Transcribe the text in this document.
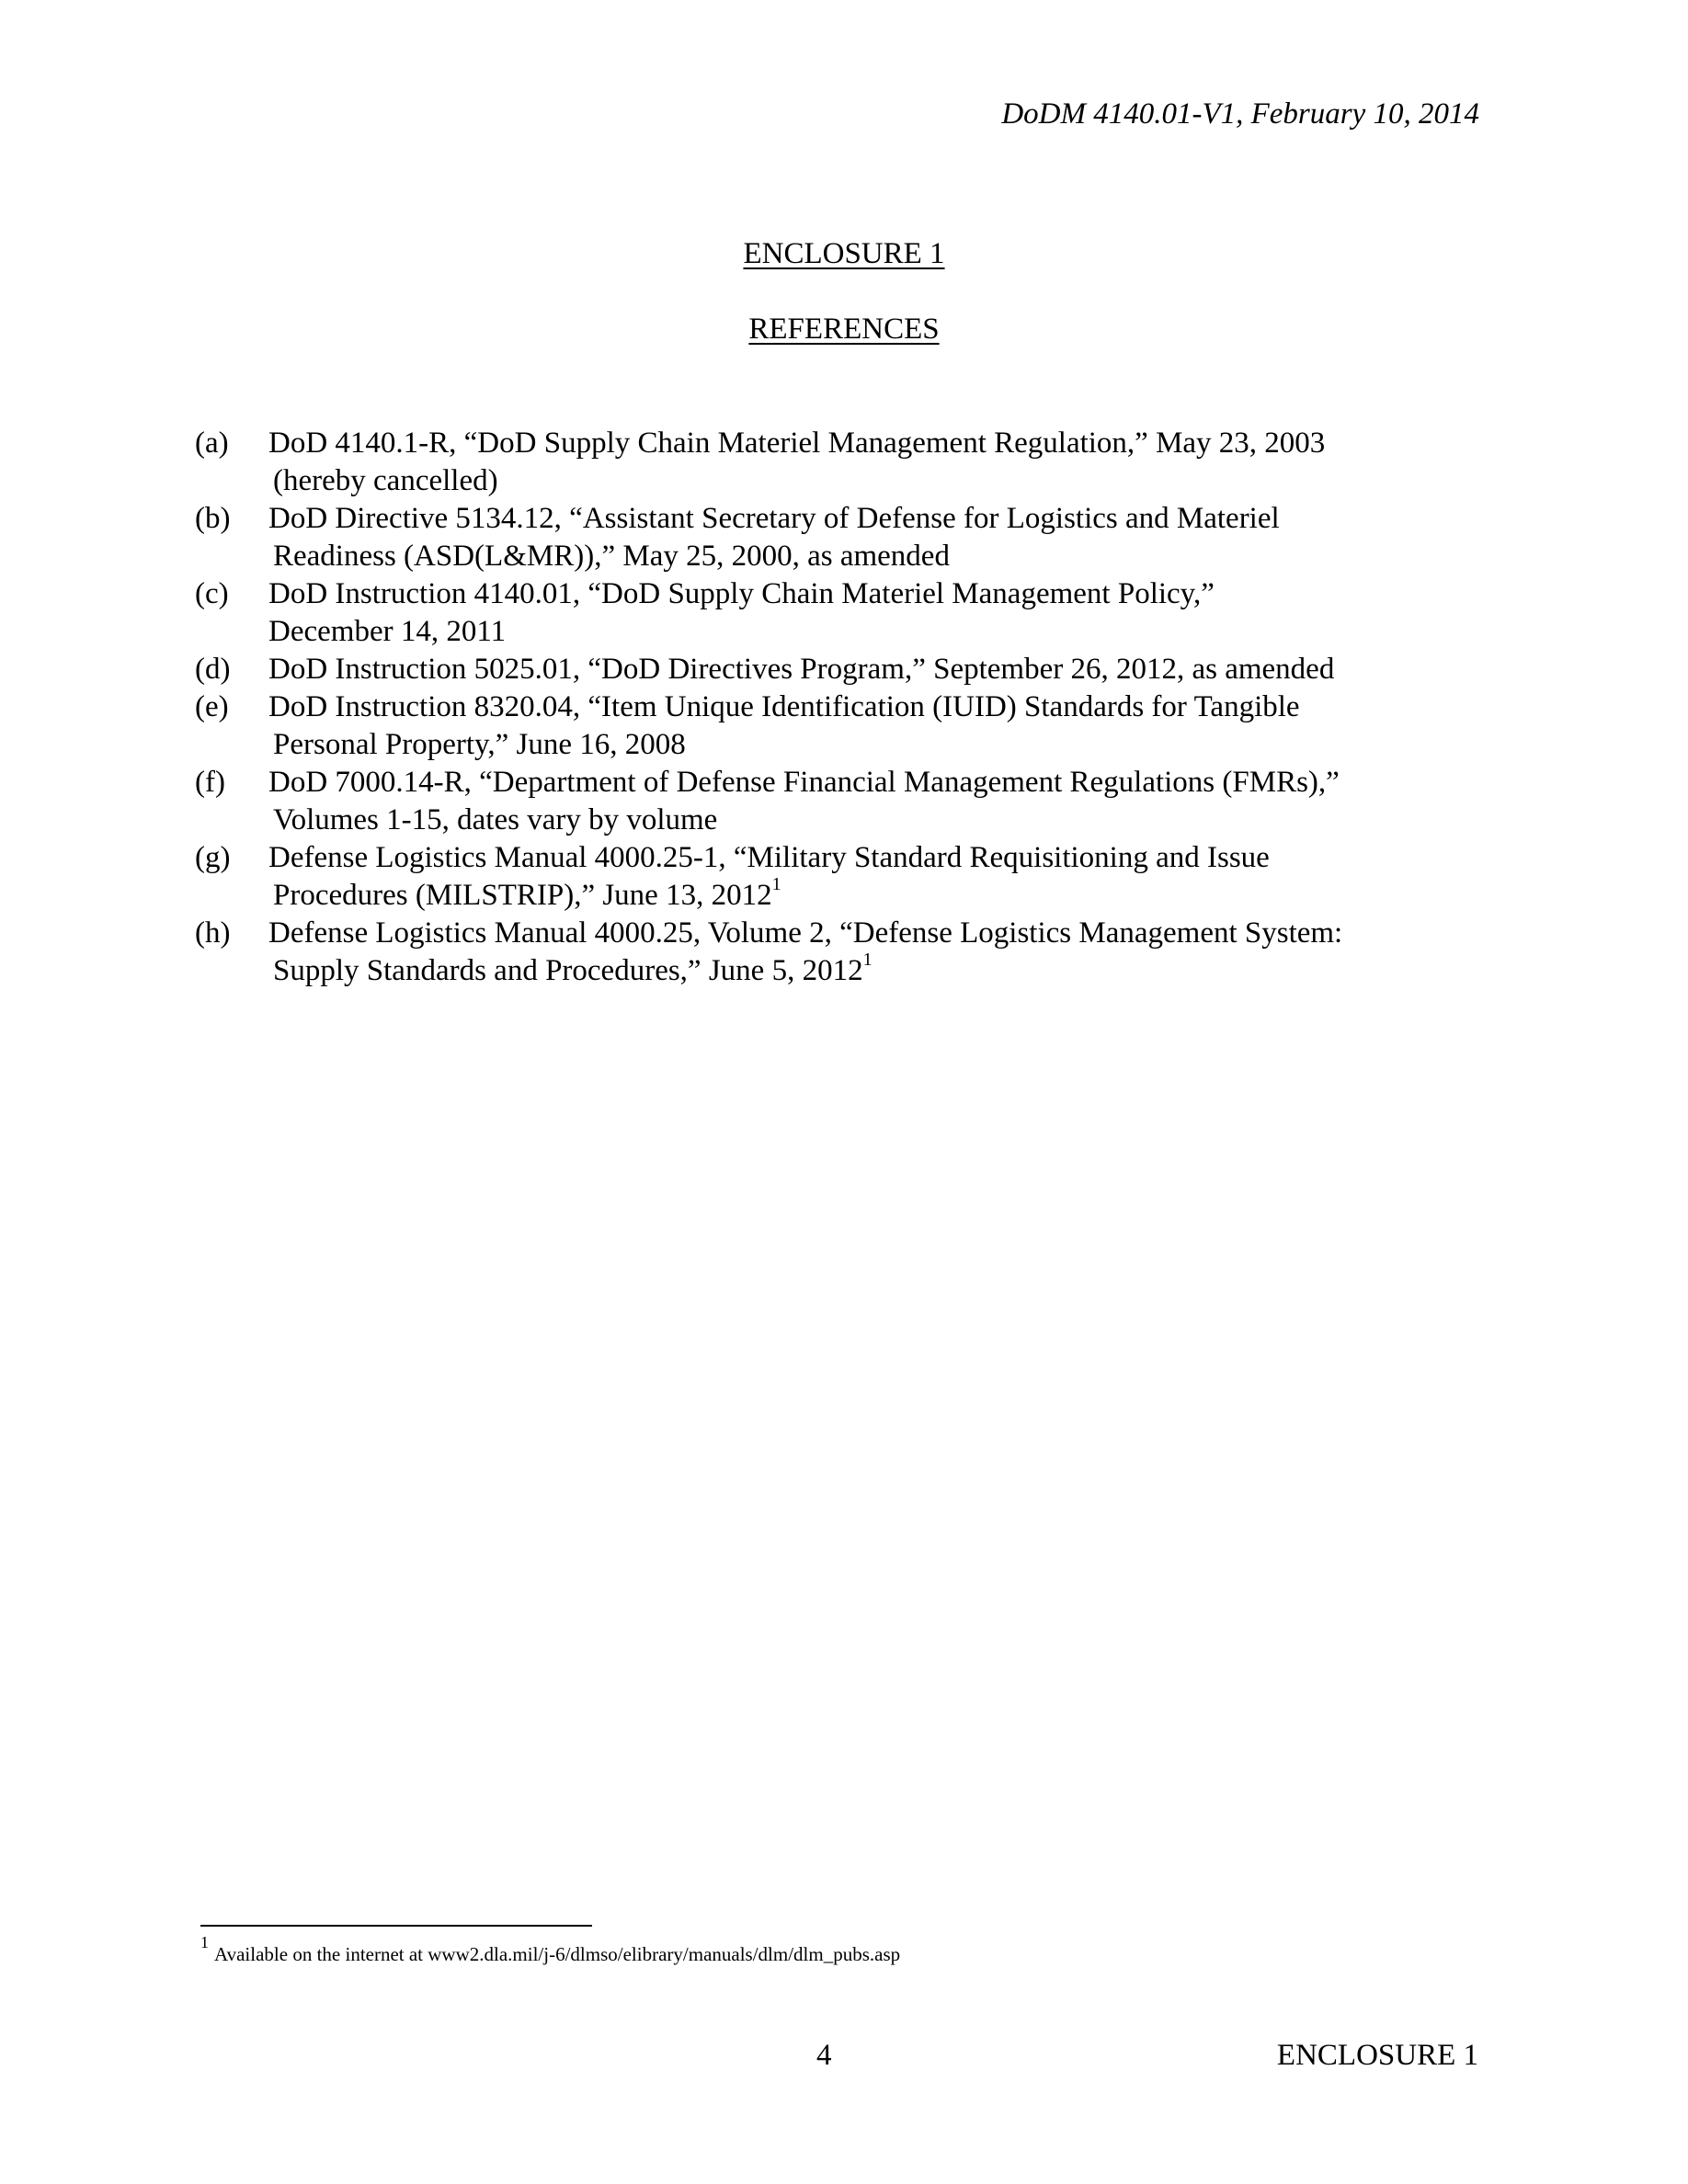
DoDM 4140.01-V1, February 10, 2014
ENCLOSURE 1
REFERENCES
(a) DoD 4140.1-R, “DoD Supply Chain Materiel Management Regulation,” May 23, 2003
(hereby cancelled)
(b) DoD Directive 5134.12, “Assistant Secretary of Defense for Logistics and Materiel
Readiness (ASD(L&MR)),” May 25, 2000, as amended
(c) DoD Instruction 4140.01, “DoD Supply Chain Materiel Management Policy,”
December 14, 2011
(d) DoD Instruction 5025.01, “DoD Directives Program,” September 26, 2012, as amended
(e) DoD Instruction 8320.04, “Item Unique Identification (IUID) Standards for Tangible
Personal Property,” June 16, 2008
(f) DoD 7000.14-R, “Department of Defense Financial Management Regulations (FMRs),”
Volumes 1-15, dates vary by volume
(g) Defense Logistics Manual 4000.25-1, “Military Standard Requisitioning and Issue
Procedures (MILSTRIP),” June 13, 2012$^1$
(h) Defense Logistics Manual 4000.25, Volume 2, “Defense Logistics Management System:
Supply Standards and Procedures,” June 5, 2012$^1$
$^1$Available on the internet at www2.dla.mil/j-6/dlmso/elibrary/manuals/dlm/dlm_pubs.asp
4	ENCLOSURE 1
